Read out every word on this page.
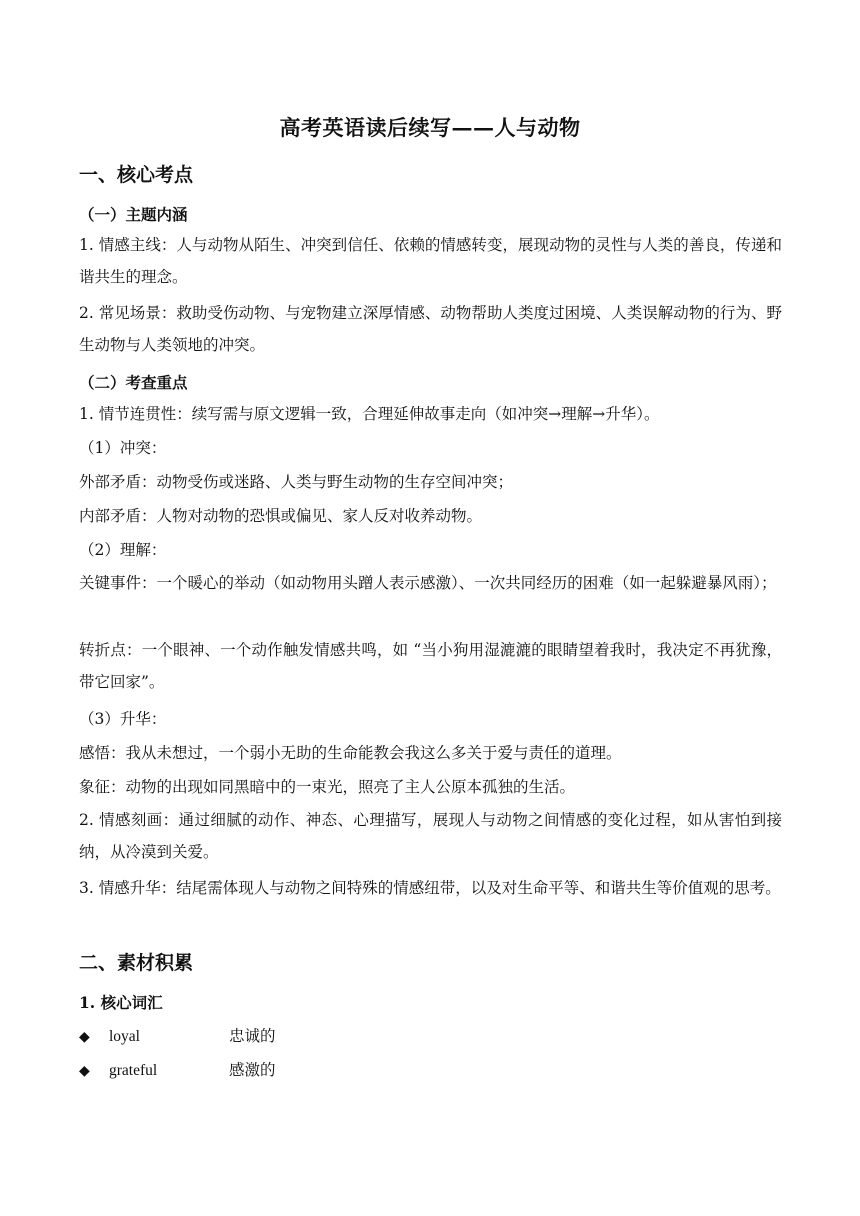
高考英语读后续写——人与动物
一、核心考点
（一）主题内涵
1. 情感主线：人与动物从陌生、冲突到信任、依赖的情感转变，展现动物的灵性与人类的善良，传递和谐共生的理念。
2. 常见场景：救助受伤动物、与宠物建立深厚情感、动物帮助人类度过困境、人类误解动物的行为、野生动物与人类领地的冲突。
（二）考查重点
1. 情节连贯性：续写需与原文逻辑一致，合理延伸故事走向（如冲突→理解→升华）。
（1）冲突：
外部矛盾：动物受伤或迷路、人类与野生动物的生存空间冲突；
内部矛盾：人物对动物的恐惧或偏见、家人反对收养动物。
（2）理解：
关键事件：一个暖心的举动（如动物用头蹭人表示感激）、一次共同经历的困难（如一起躲避暴风雨）；
转折点：一个眼神、一个动作触发情感共鸣，如 “当小狗用湿漉漉的眼睛望着我时，我决定不再犹豫，带它回家”。
（3）升华：
感悟：我从未想过，一个弱小无助的生命能教会我这么多关于爱与责任的道理。
象征：动物的出现如同黑暗中的一束光，照亮了主人公原本孤独的生活。
2. 情感刻画：通过细腻的动作、神态、心理描写，展现人与动物之间情感的变化过程，如从害怕到接纳，从冷漠到关爱。
3. 情感升华：结尾需体现人与动物之间特殊的情感纽带，以及对生命平等、和谐共生等价值观的思考。
二、素材积累
1. 核心词汇
◆ loyal	忠诚的
◆ grateful	感激的
